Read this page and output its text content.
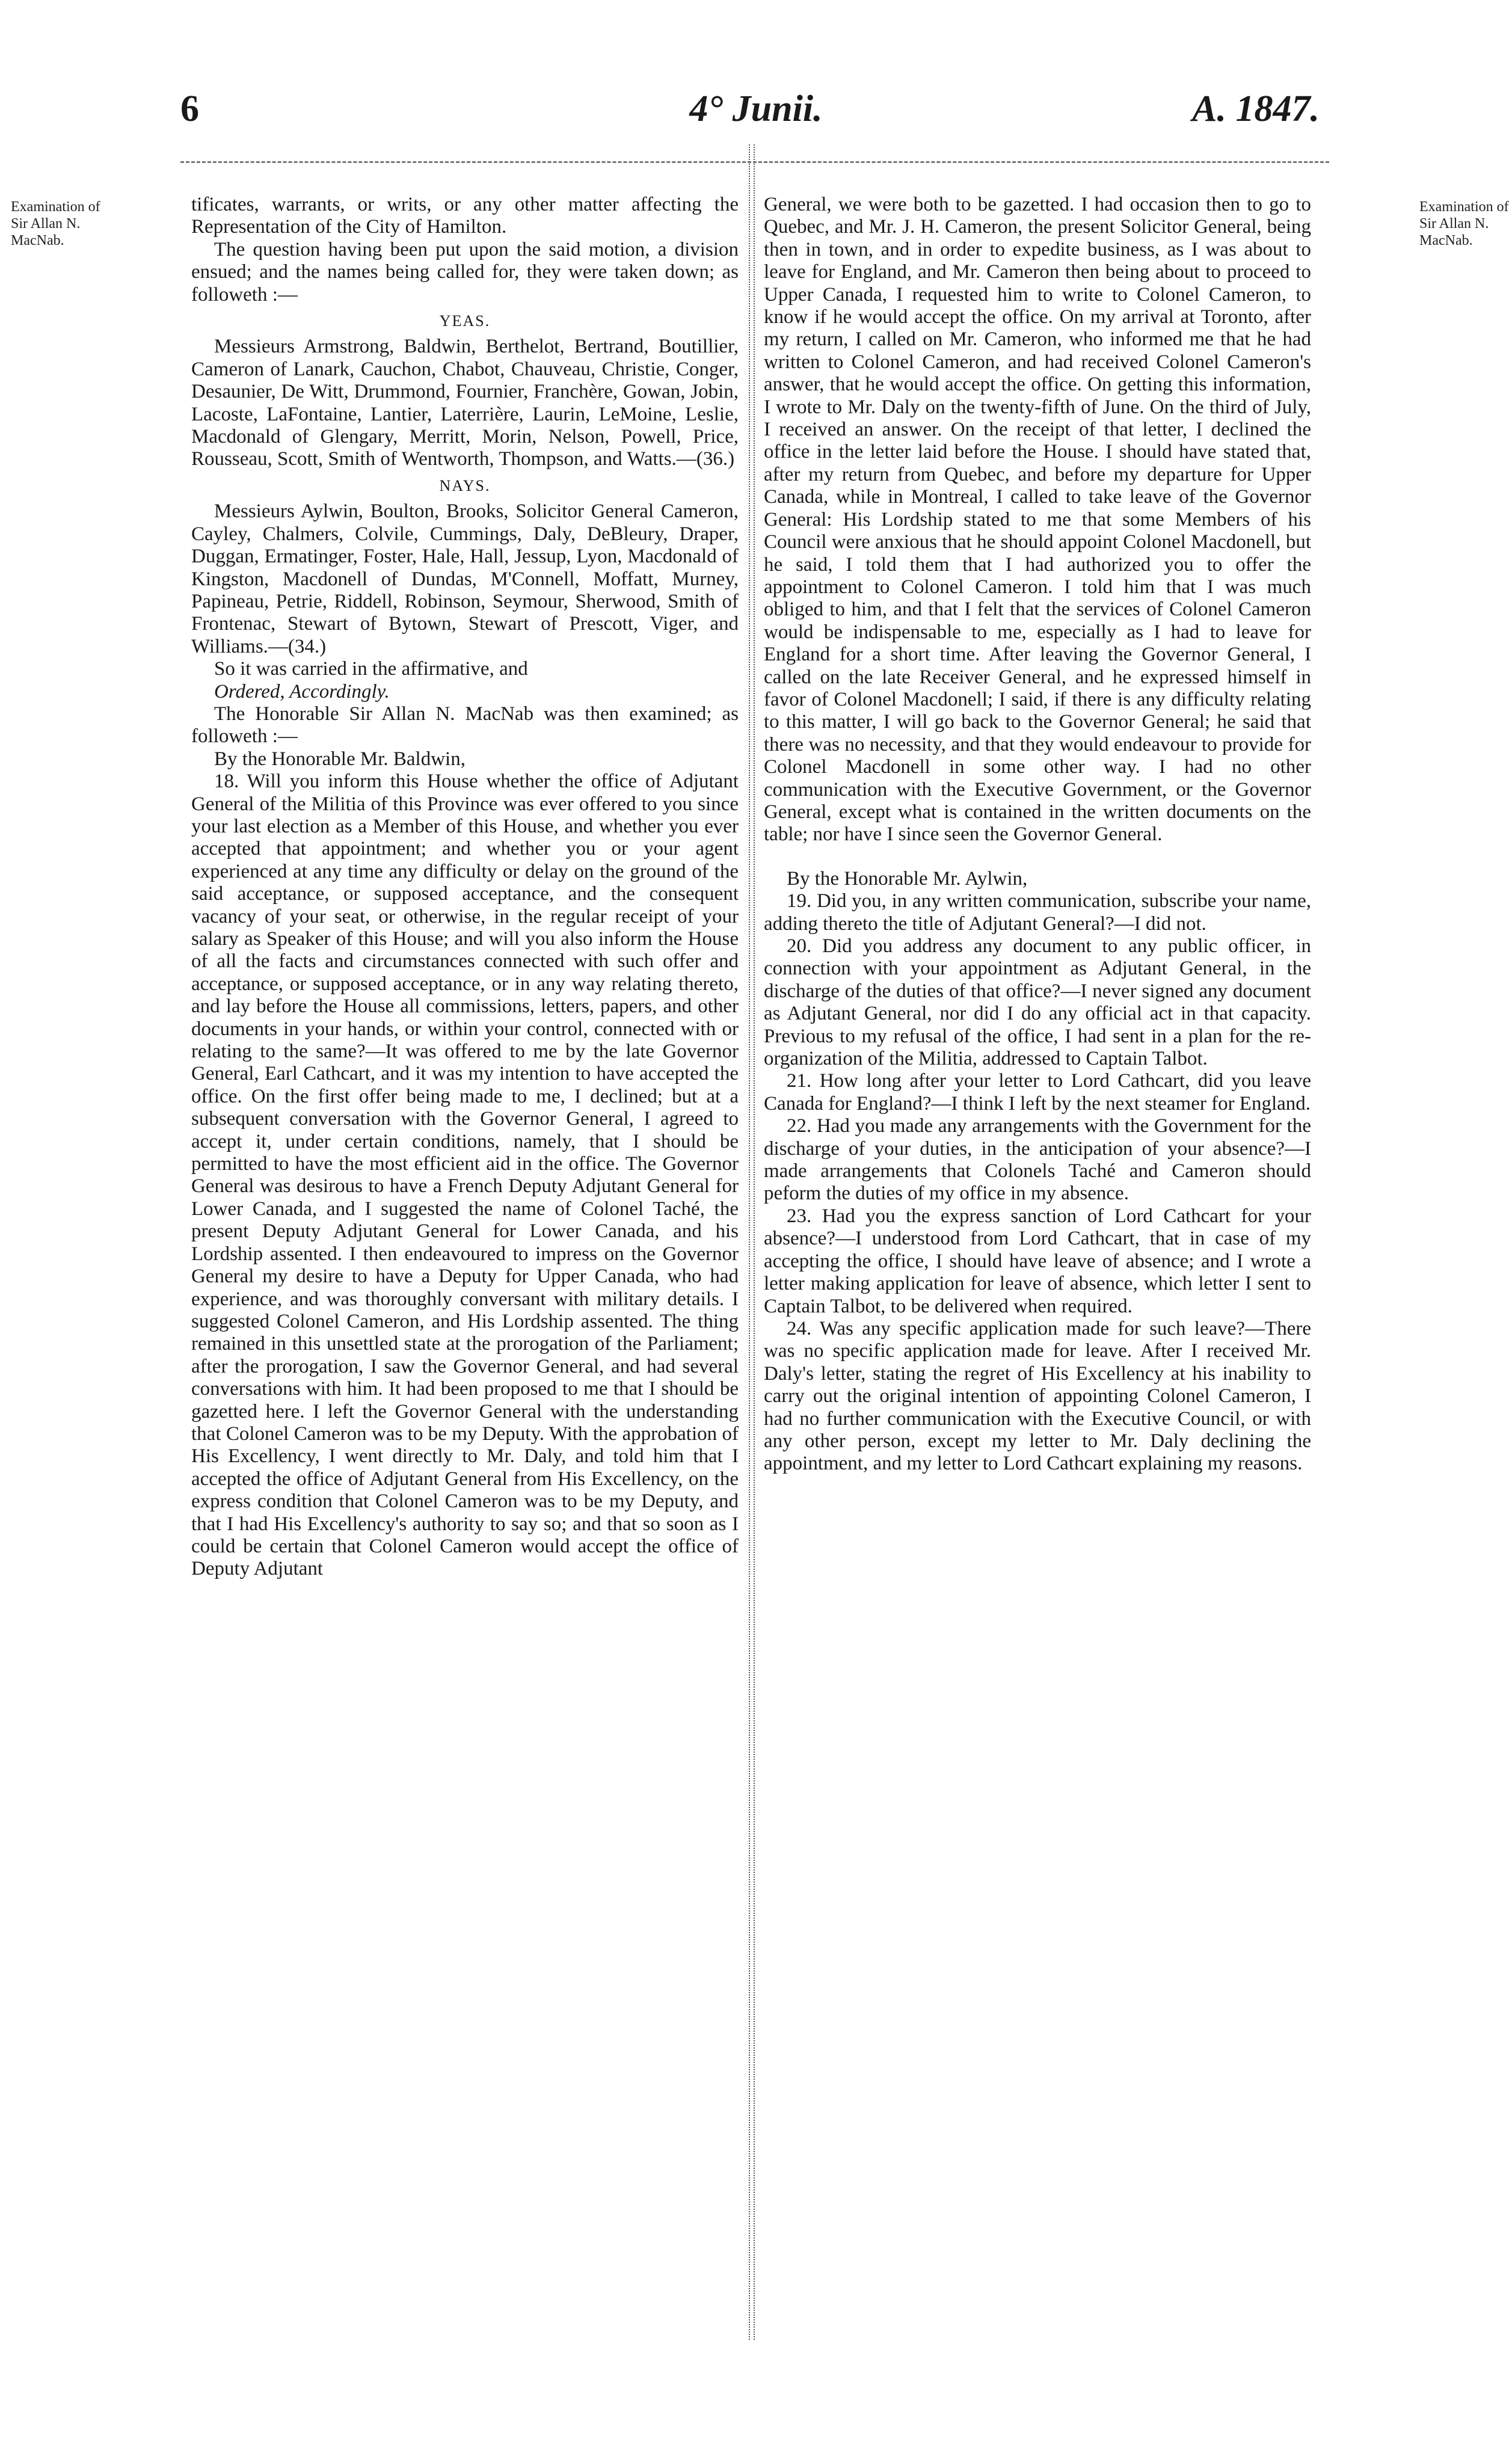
6	4° Junii.	A. 1847.
Examination of Sir Allan N. MacNab.
Examination of Sir Allan N. MacNab.

tificates, warrants, or writs, or any other matter affecting the Representation of the City of Hamilton.

The question having been put upon the said motion, a division ensued; and the names being called for, they were taken down; as followeth :—

YEAS.

Messieurs Armstrong, Baldwin, Berthelot, Bertrand, Boutillier, Cameron of Lanark, Cauchon, Chabot, Chauveau, Christie, Conger, Desaunier, De Witt, Drummond, Fournier, Franchère, Gowan, Jobin, Lacoste, LaFontaine, Lantier, Laterrière, Laurin, LeMoine, Leslie, Macdonald of Glengary, Merritt, Morin, Nelson, Powell, Price, Rousseau, Scott, Smith of Wentworth, Thompson, and Watts.—(36.)

NAYS.

Messieurs Aylwin, Boulton, Brooks, Solicitor General Cameron, Cayley, Chalmers, Colvile, Cummings, Daly, DeBleury, Draper, Duggan, Ermatinger, Foster, Hale, Hall, Jessup, Lyon, Macdonald of Kingston, Macdonell of Dundas, M'Connell, Moffatt, Murney, Papineau, Petrie, Riddell, Robinson, Seymour, Sherwood, Smith of Frontenac, Stewart of Bytown, Stewart of Prescott, Viger, and Williams.—(34.)

So it was carried in the affirmative, and

Ordered, Accordingly.

The Honorable Sir Allan N. MacNab was then examined; as followeth :—

By the Honorable Mr. Baldwin,

18. Will you inform this House whether the office of Adjutant General of the Militia of this Province was ever offered to you since your last election as a Member of this House, and whether you ever accepted that appointment; and whether you or your agent experienced at any time any difficulty or delay on the ground of the said acceptance, or supposed acceptance, and the consequent vacancy of your seat, or otherwise, in the regular receipt of your salary as Speaker of this House; and will you also inform the House of all the facts and circumstances connected with such offer and acceptance, or supposed acceptance, or in any way relating thereto, and lay before the House all commissions, letters, papers, and other documents in your hands, or within your control, connected with or relating to the same?—It was offered to me by the late Governor General, Earl Cathcart, and it was my intention to have accepted the office. On the first offer being made to me, I declined; but at a subsequent conversation with the Governor General, I agreed to accept it, under certain conditions, namely, that I should be permitted to have the most efficient aid in the office. The Governor General was desirous to have a French Deputy Adjutant General for Lower Canada, and I suggested the name of Colonel Taché, the present Deputy Adjutant General for Lower Canada, and his Lordship assented. I then endeavoured to impress on the Governor General my desire to have a Deputy for Upper Canada, who had experience, and was thoroughly conversant with military details. I suggested Colonel Cameron, and His Lordship assented. The thing remained in this unsettled state at the prorogation of the Parliament; after the prorogation, I saw the Governor General, and had several conversations with him. It had been proposed to me that I should be gazetted here. I left the Governor General with the understanding that Colonel Cameron was to be my Deputy. With the approbation of His Excellency, I went directly to Mr. Daly, and told him that I accepted the office of Adjutant General from His Excellency, on the express condition that Colonel Cameron was to be my Deputy, and that I had His Excellency's authority to say so; and that so soon as I could be certain that Colonel Cameron would accept the office of Deputy Adjutant

General, we were both to be gazetted. I had occasion then to go to Quebec, and Mr. J. H. Cameron, the present Solicitor General, being then in town, and in order to expedite business, as I was about to leave for England, and Mr. Cameron then being about to proceed to Upper Canada, I requested him to write to Colonel Cameron, to know if he would accept the office. On my arrival at Toronto, after my return, I called on Mr. Cameron, who informed me that he had written to Colonel Cameron, and had received Colonel Cameron's answer, that he would accept the office. On getting this information, I wrote to Mr. Daly on the twenty-fifth of June. On the third of July, I received an answer. On the receipt of that letter, I declined the office in the letter laid before the House. I should have stated that, after my return from Quebec, and before my departure for Upper Canada, while in Montreal, I called to take leave of the Governor General: His Lordship stated to me that some Members of his Council were anxious that he should appoint Colonel Macdonell, but he said, I told them that I had authorized you to offer the appointment to Colonel Cameron. I told him that I was much obliged to him, and that I felt that the services of Colonel Cameron would be indispensable to me, especially as I had to leave for England for a short time. After leaving the Governor General, I called on the late Receiver General, and he expressed himself in favor of Colonel Macdonell; I said, if there is any difficulty relating to this matter, I will go back to the Governor General; he said that there was no necessity, and that they would endeavour to provide for Colonel Macdonell in some other way. I had no other communication with the Executive Government, or the Governor General, except what is contained in the written documents on the table; nor have I since seen the Governor General.

By the Honorable Mr. Aylwin,

19. Did you, in any written communication, subscribe your name, adding thereto the title of Adjutant General?—I did not.

20. Did you address any document to any public officer, in connection with your appointment as Adjutant General, in the discharge of the duties of that office?—I never signed any document as Adjutant General, nor did I do any official act in that capacity. Previous to my refusal of the office, I had sent in a plan for the re-organization of the Militia, addressed to Captain Talbot.

21. How long after your letter to Lord Cathcart, did you leave Canada for England?—I think I left by the next steamer for England.

22. Had you made any arrangements with the Government for the discharge of your duties, in the anticipation of your absence?—I made arrangements that Colonels Taché and Cameron should peform the duties of my office in my absence.

23. Had you the express sanction of Lord Cathcart for your absence?—I understood from Lord Cathcart, that in case of my accepting the office, I should have leave of absence; and I wrote a letter making application for leave of absence, which letter I sent to Captain Talbot, to be delivered when required.

24. Was any specific application made for such leave?—There was no specific application made for leave. After I received Mr. Daly's letter, stating the regret of His Excellency at his inability to carry out the original intention of appointing Colonel Cameron, I had no further communication with the Executive Council, or with any other person, except my letter to Mr. Daly declining the appointment, and my letter to Lord Cathcart explaining my reasons.
